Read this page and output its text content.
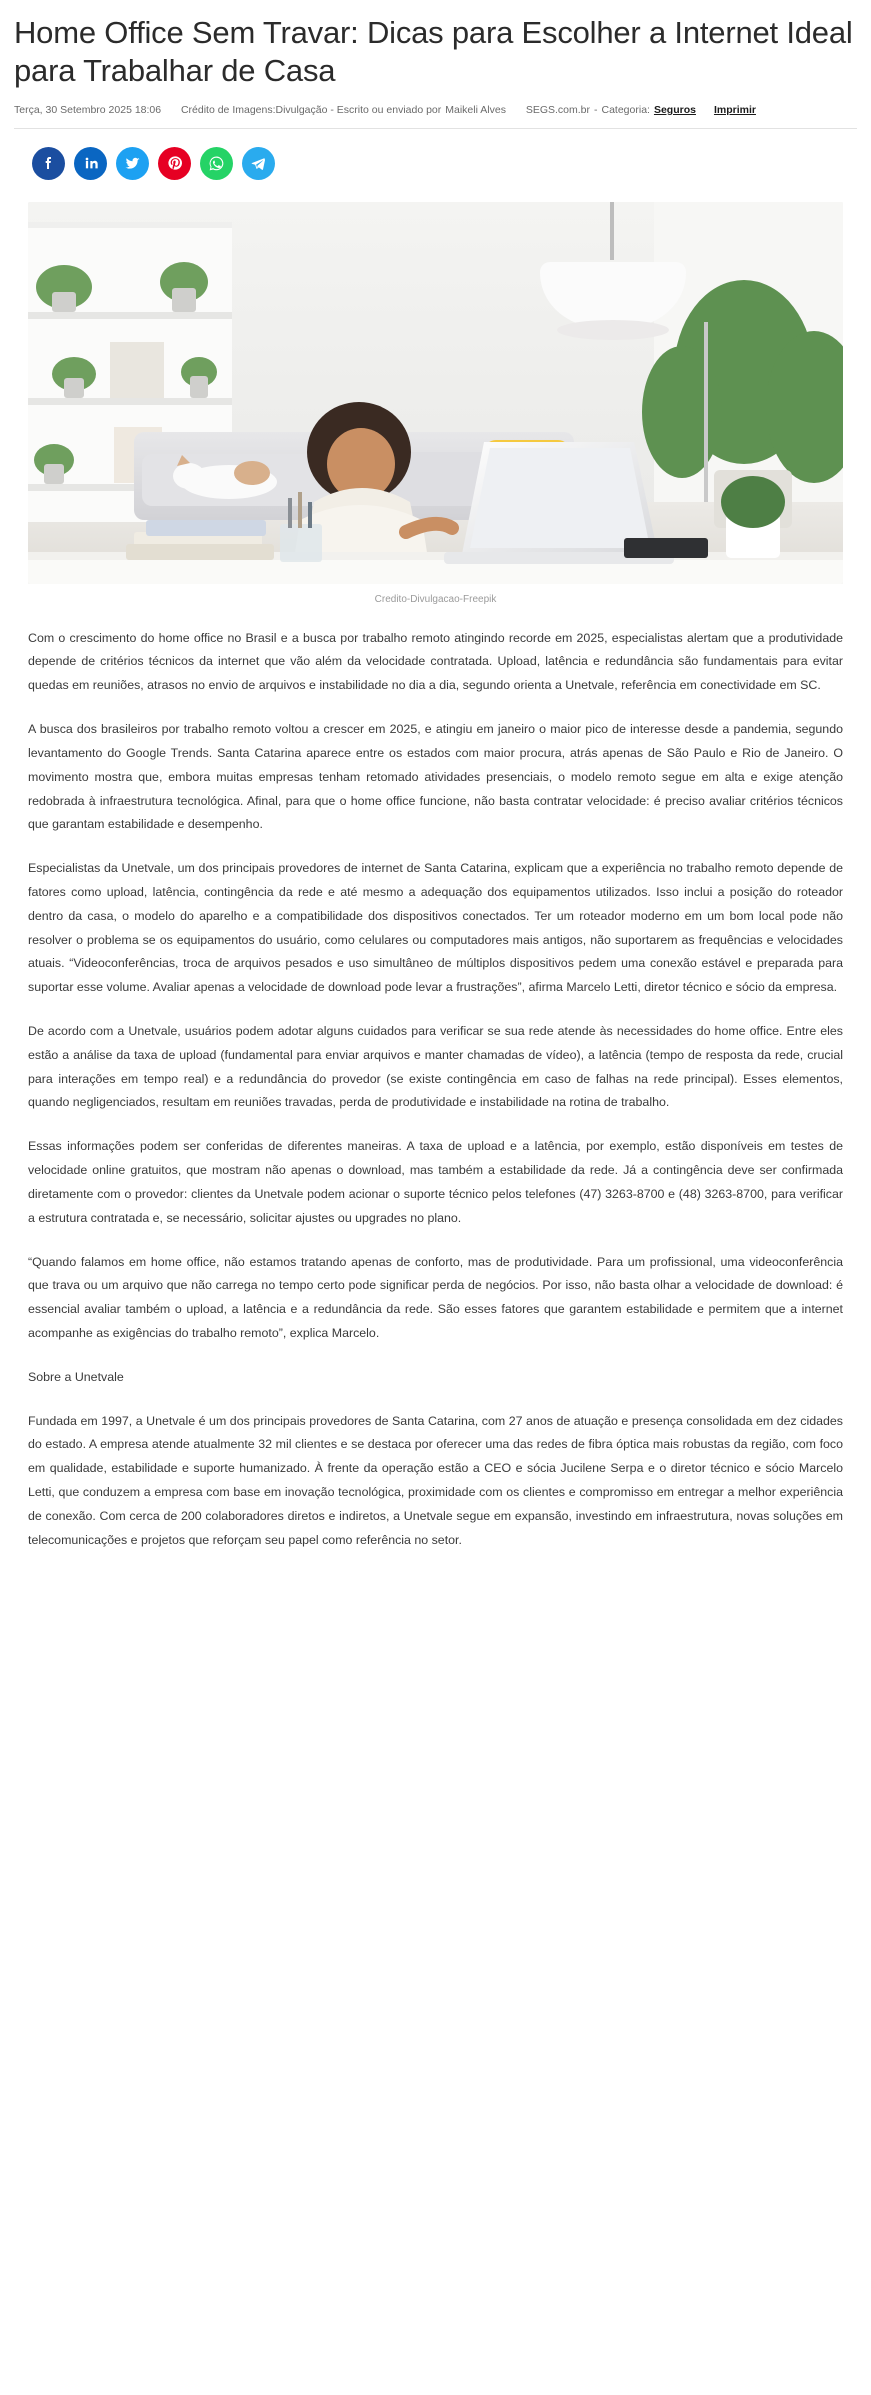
Home Office Sem Travar: Dicas para Escolher a Internet Ideal para Trabalhar de Casa
Terça, 30 Setembro 2025 18:06
Crédito de Imagens:Divulgação - Escrito ou enviado por Maikeli Alves
SEGS.com.br - Categoria: Seguros Imprimir
Credito-Divulgacao-Freepik

Com o crescimento do home office no Brasil e a busca por trabalho remoto atingindo recorde em 2025, especialistas alertam que a produtividade depende de critérios técnicos da internet que vão além da velocidade contratada. Upload, latência e redundância são fundamentais para evitar quedas em reuniões, atrasos no envio de arquivos e instabilidade no dia a dia, segundo orienta a Unetvale, referência em conectividade em SC.

A busca dos brasileiros por trabalho remoto voltou a crescer em 2025, e atingiu em janeiro o maior pico de interesse desde a pandemia, segundo levantamento do Google Trends. Santa Catarina aparece entre os estados com maior procura, atrás apenas de São Paulo e Rio de Janeiro. O movimento mostra que, embora muitas empresas tenham retomado atividades presenciais, o modelo remoto segue em alta e exige atenção redobrada à infraestrutura tecnológica. Afinal, para que o home office funcione, não basta contratar velocidade: é preciso avaliar critérios técnicos que garantam estabilidade e desempenho.

Especialistas da Unetvale, um dos principais provedores de internet de Santa Catarina, explicam que a experiência no trabalho remoto depende de fatores como upload, latência, contingência da rede e até mesmo a adequação dos equipamentos utilizados. Isso inclui a posição do roteador dentro da casa, o modelo do aparelho e a compatibilidade dos dispositivos conectados. Ter um roteador moderno em um bom local pode não resolver o problema se os equipamentos do usuário, como celulares ou computadores mais antigos, não suportarem as frequências e velocidades atuais. “Videoconferências, troca de arquivos pesados e uso simultâneo de múltiplos dispositivos pedem uma conexão estável e preparada para suportar esse volume. Avaliar apenas a velocidade de download pode levar a frustrações”, afirma Marcelo Letti, diretor técnico e sócio da empresa.

De acordo com a Unetvale, usuários podem adotar alguns cuidados para verificar se sua rede atende às necessidades do home office. Entre eles estão a análise da taxa de upload (fundamental para enviar arquivos e manter chamadas de vídeo), a latência (tempo de resposta da rede, crucial para interações em tempo real) e a redundância do provedor (se existe contingência em caso de falhas na rede principal). Esses elementos, quando negligenciados, resultam em reuniões travadas, perda de produtividade e instabilidade na rotina de trabalho.

Essas informações podem ser conferidas de diferentes maneiras. A taxa de upload e a latência, por exemplo, estão disponíveis em testes de velocidade online gratuitos, que mostram não apenas o download, mas também a estabilidade da rede. Já a contingência deve ser confirmada diretamente com o provedor: clientes da Unetvale podem acionar o suporte técnico pelos telefones (47) 3263-8700 e (48) 3263-8700, para verificar a estrutura contratada e, se necessário, solicitar ajustes ou upgrades no plano.

“Quando falamos em home office, não estamos tratando apenas de conforto, mas de produtividade. Para um profissional, uma videoconferência que trava ou um arquivo que não carrega no tempo certo pode significar perda de negócios. Por isso, não basta olhar a velocidade de download: é essencial avaliar também o upload, a latência e a redundância da rede. São esses fatores que garantem estabilidade e permitem que a internet acompanhe as exigências do trabalho remoto”, explica Marcelo.

Sobre a Unetvale

Fundada em 1997, a Unetvale é um dos principais provedores de Santa Catarina, com 27 anos de atuação e presença consolidada em dez cidades do estado. A empresa atende atualmente 32 mil clientes e se destaca por oferecer uma das redes de fibra óptica mais robustas da região, com foco em qualidade, estabilidade e suporte humanizado. À frente da operação estão a CEO e sócia Jucilene Serpa e o diretor técnico e sócio Marcelo Letti, que conduzem a empresa com base em inovação tecnológica, proximidade com os clientes e compromisso em entregar a melhor experiência de conexão. Com cerca de 200 colaboradores diretos e indiretos, a Unetvale segue em expansão, investindo em infraestrutura, novas soluções em telecomunicações e projetos que reforçam seu papel como referência no setor.
